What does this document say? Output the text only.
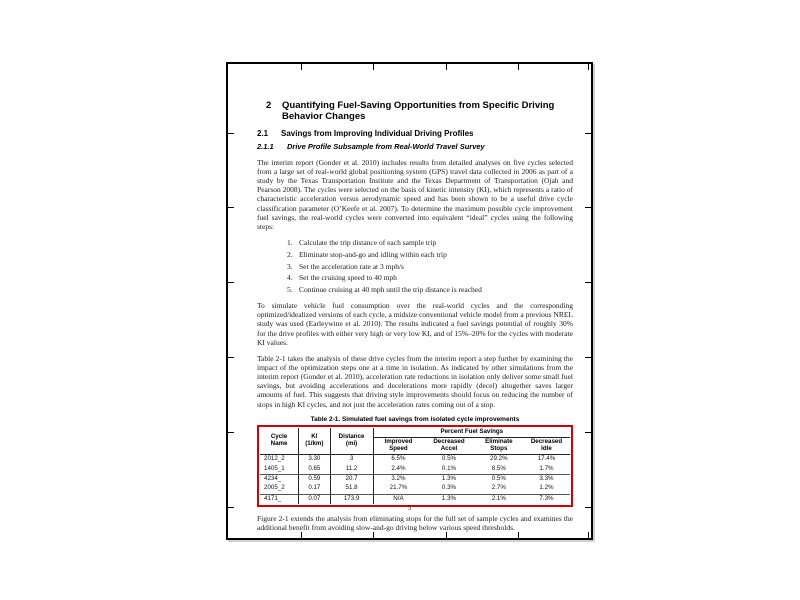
2	Quantifying Fuel-Saving Opportunities from Specific Driving Behavior Changes
2.1	Savings from Improving Individual Driving Profiles
2.1.1	Drive Profile Subsample from Real-World Travel Survey

The interim report (Gonder et al. 2010) includes results from detailed analyses on five cycles selected from a large set of real-world global positioning system (GPS) travel data collected in 2006 as part of a study by the Texas Transportation Institute and the Texas Department of Transportation (Ojah and Pearson 2008). The cycles were selected on the basis of kinetic intensity (KI), which represents a ratio of characteristic acceleration versus aerodynamic speed and has been shown to be a useful drive cycle classification parameter (O’Keefe et al. 2007). To determine the maximum possible cycle improvement fuel savings, the real-world cycles were converted into equivalent “ideal” cycles using the following steps:

1. Calculate the trip distance of each sample trip
2. Eliminate stop-and-go and idling within each trip
3. Set the acceleration rate at 3 mph/s
4. Set the cruising speed to 40 mph
5. Continue cruising at 40 mph until the trip distance is reached

To simulate vehicle fuel consumption over the real-world cycles and the corresponding optimized/idealized versions of each cycle, a midsize conventional vehicle model from a previous NREL study was used (Earleywine et al. 2010). The results indicated a fuel savings potential of roughly 30% for the drive profiles with either very high or very low KI, and of 15%–20% for the cycles with moderate KI values.

Table 2-1 takes the analysis of these drive cycles from the interim report a step further by examining the impact of the optimization steps one at a time in isolation. As indicated by other simulations from the interim report (Gonder et al. 2010), acceleration rate reductions in isolation only deliver some small fuel savings, but avoiding accelerations and decelerations more rapidly (decel) altogether saves larger amounts of fuel. This suggests that driving style improvements should focus on reducing the number of stops in high KI cycles, and not just the acceleration rates coming out of a stop.

Table 2-1. Simulated fuel savings from isolated cycle improvements
Cycle Name	KI (1/km)	Distance (mi)	Percent Fuel Savings			
			Improved Speed	Decreased Accel	Eliminate Stops	Decreased Idle
2012_2	3.30	3	6.5%	0.5%	29.2%	17.4%
1405_1	0.65	11.2	2.4%	0.1%	8.5%	1.7%
4234_	0.59	20.7	3.2%	1.3%	0.5%	3.3%
2005_2	0.17	51.8	21.7%	0.3%	2.7%	1.2%
4171_	0.07	173.9	N/A	1.3%	2.1%	7.3%

Figure 2-1 extends the analysis from eliminating stops for the full set of sample cycles and examines the additional benefit from avoiding slow-and-go driving below various speed thresholds.

5
